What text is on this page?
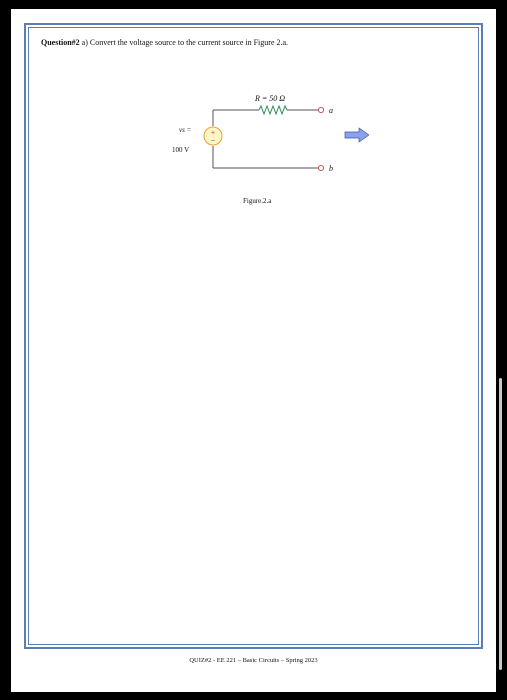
Question#2 a) Convert the voltage source to the current source in Figure 2.a.
R = 50 Ω
a
b
+
−
vs =
100 V
Figure.2.a
QUIZ#2 - EE 221 – Basic Circuits – Spring 2023
